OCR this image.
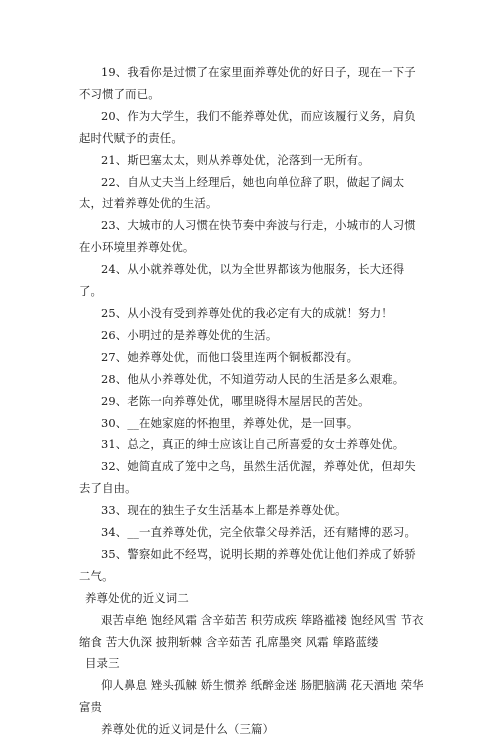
19、我看你是过惯了在家里面养尊处优的好日子，现在一下子不习惯了而已。

20、作为大学生，我们不能养尊处优，而应该履行义务，肩负起时代赋予的责任。

21、斯巴塞太太，则从养尊处优，沦落到一无所有。

22、自从丈夫当上经理后，她也向单位辞了职，做起了阔太太，过着养尊处优的生活。

23、大城市的人习惯在快节奏中奔波与行走，小城市的人习惯在小环境里养尊处优。

24、从小就养尊处优，以为全世界都该为他服务，长大还得了。

25、从小没有受到养尊处优的我必定有大的成就！努力！

26、小明过的是养尊处优的生活。

27、她养尊处优，而他口袋里连两个铜板都没有。

28、他从小养尊处优，不知道劳动人民的生活是多么艰难。

29、老陈一向养尊处优，哪里晓得木屋居民的苦处。

30、__在她家庭的怀抱里，养尊处优，是一回事。

31、总之，真正的绅士应该让自己所喜爱的女士养尊处优。

32、她简直成了笼中之鸟，虽然生活优渥，养尊处优，但却失去了自由。

33、现在的独生子女生活基本上都是养尊处优。

34、__一直养尊处优，完全依靠父母养活，还有赌博的恶习。

35、警察如此不经骂，说明长期的养尊处优让他们养成了娇骄二气。

养尊处优的近义词二

艰苦卓绝 饱经风霜 含辛茹苦 积劳成疾 筚路褴褛 饱经风雪 节衣缩食 苦大仇深 披荆斩棘 含辛茹苦 孔席墨突 风霜 筚路蓝缕

目录三

仰人鼻息 矬头孤觫 娇生惯养 纸醉金迷 肠肥脑满 花天酒地 荣华富贵

养尊处优的近义词是什么（三篇）
